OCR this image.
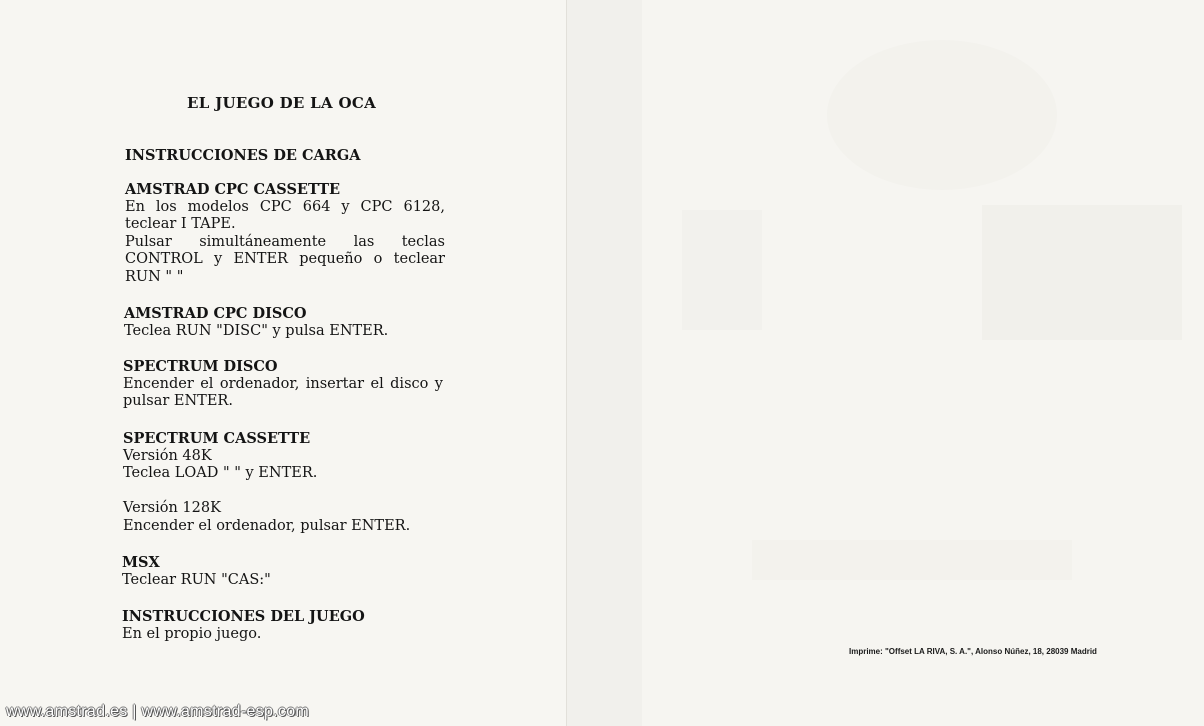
EL JUEGO DE LA OCA
INSTRUCCIONES DE CARGA
AMSTRAD CPC CASSETTE
En los modelos CPC 664 y CPC 6128, teclear I TAPE.
Pulsar simultáneamente las teclas CONTROL y ENTER pequeño o teclear RUN " "
AMSTRAD CPC DISCO
Teclea RUN "DISC" y pulsa ENTER.
SPECTRUM DISCO
Encender el ordenador, insertar el disco y pulsar ENTER.
SPECTRUM CASSETTE
Versión 48K
Teclea LOAD " " y ENTER.
Versión 128K
Encender el ordenador, pulsar ENTER.
MSX
Teclear RUN "CAS:"
INSTRUCCIONES DEL JUEGO
En el propio juego.
Imprime: "Offset LA RIVA, S. A.", Alonso Núñez, 18, 28039 Madrid
www.amstrad.es | www.amstrad-esp.com
